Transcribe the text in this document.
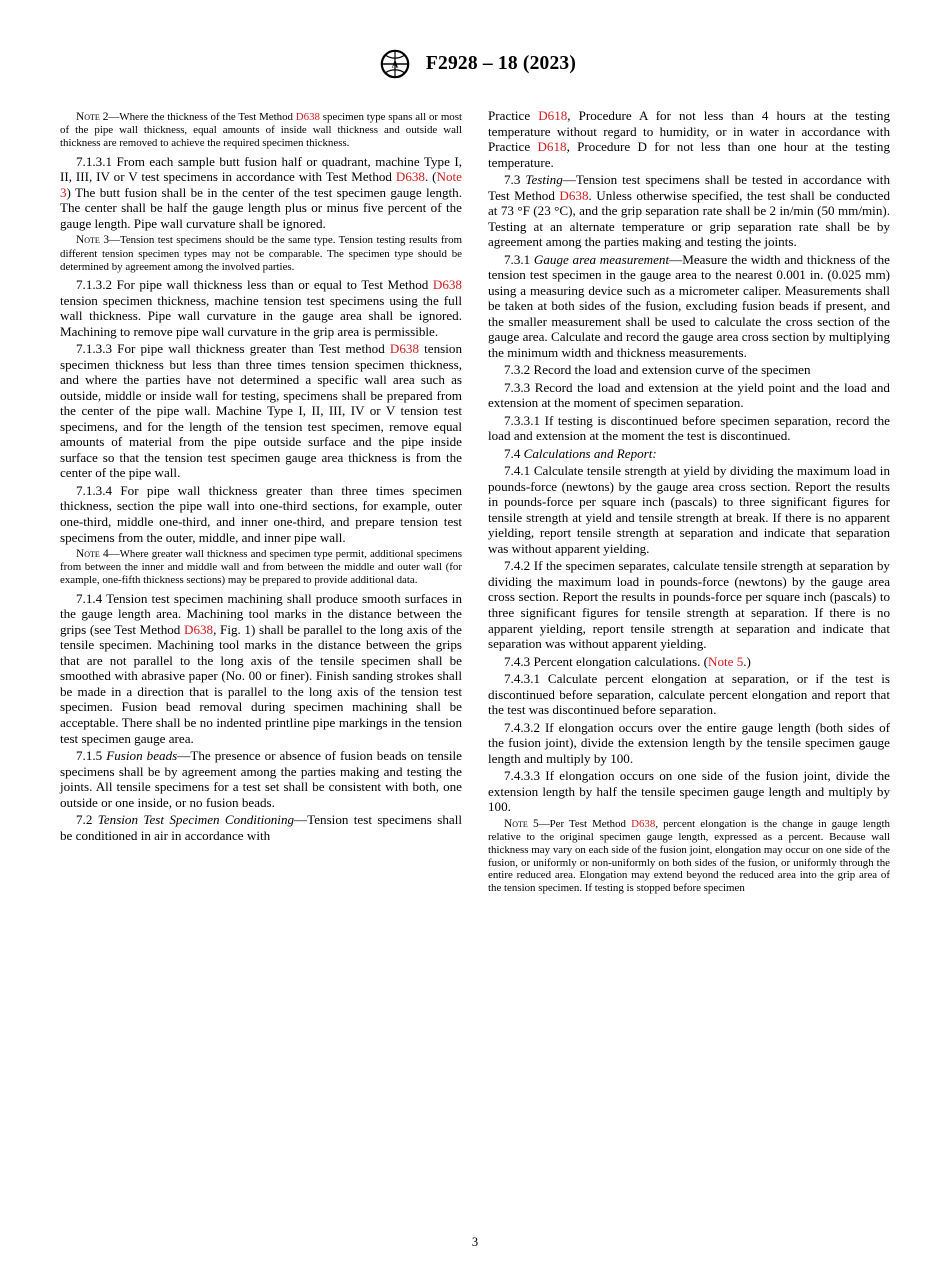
A F2928 – 18 (2023)

Note 2—Where the thickness of the Test Method D638 specimen type spans all or most of the pipe wall thickness, equal amounts of inside wall thickness and outside wall thickness are removed to achieve the required specimen thickness.

7.1.3.1 From each sample butt fusion half or quadrant, machine Type I, II, III, IV or V test specimens in accordance with Test Method D638. (Note 3) The butt fusion shall be in the center of the test specimen gauge length. The center shall be half the gauge length plus or minus five percent of the gauge length. Pipe wall curvature shall be ignored.

Note 3—Tension test specimens should be the same type. Tension testing results from different tension specimen types may not be comparable. The specimen type should be determined by agreement among the involved parties.

7.1.3.2 For pipe wall thickness less than or equal to Test Method D638 tension specimen thickness, machine tension test specimens using the full wall thickness. Pipe wall curvature in the gauge area shall be ignored. Machining to remove pipe wall curvature in the grip area is permissible.

7.1.3.3 For pipe wall thickness greater than Test method D638 tension specimen thickness but less than three times tension specimen thickness, and where the parties have not determined a specific wall area such as outside, middle or inside wall for testing, specimens shall be prepared from the center of the pipe wall. Machine Type I, II, III, IV or V tension test specimens, and for the length of the tension test specimen, remove equal amounts of material from the pipe outside surface and the pipe inside surface so that the tension test specimen gauge area thickness is from the center of the pipe wall.

7.1.3.4 For pipe wall thickness greater than three times specimen thickness, section the pipe wall into one-third sections, for example, outer one-third, middle one-third, and inner one-third, and prepare tension test specimens from the outer, middle, and inner pipe wall.

Note 4—Where greater wall thickness and specimen type permit, additional specimens from between the inner and middle wall and from between the middle and outer wall (for example, one-fifth thickness sections) may be prepared to provide additional data.

7.1.4 Tension test specimen machining shall produce smooth surfaces in the gauge length area. Machining tool marks in the distance between the grips (see Test Method D638, Fig. 1) shall be parallel to the long axis of the tensile specimen. Machining tool marks in the distance between the grips that are not parallel to the long axis of the tensile specimen shall be smoothed with abrasive paper (No. 00 or finer). Finish sanding strokes shall be made in a direction that is parallel to the long axis of the tension test specimen. Fusion bead removal during specimen machining shall be acceptable. There shall be no indented printline pipe markings in the tension test specimen gauge area.

7.1.5 Fusion beads—The presence or absence of fusion beads on tensile specimens shall be by agreement among the parties making and testing the joints. All tensile specimens for a test set shall be consistent with both, one outside or one inside, or no fusion beads.

7.2 Tension Test Specimen Conditioning—Tension test specimens shall be conditioned in air in accordance with

Practice D618, Procedure A for not less than 4 hours at the testing temperature without regard to humidity, or in water in accordance with Practice D618, Procedure D for not less than one hour at the testing temperature.

7.3 Testing—Tension test specimens shall be tested in accordance with Test Method D638. Unless otherwise specified, the test shall be conducted at 73 °F (23 °C), and the grip separation rate shall be 2 in/min (50 mm/min). Testing at an alternate temperature or grip separation rate shall be by agreement among the parties making and testing the joints.

7.3.1 Gauge area measurement—Measure the width and thickness of the tension test specimen in the gauge area to the nearest 0.001 in. (0.025 mm) using a measuring device such as a micrometer caliper. Measurements shall be taken at both sides of the fusion, excluding fusion beads if present, and the smaller measurement shall be used to calculate the cross section of the gauge area. Calculate and record the gauge area cross section by multiplying the minimum width and thickness measurements.

7.3.2 Record the load and extension curve of the specimen

7.3.3 Record the load and extension at the yield point and the load and extension at the moment of specimen separation.

7.3.3.1 If testing is discontinued before specimen separation, record the load and extension at the moment the test is discontinued.

7.4 Calculations and Report:

7.4.1 Calculate tensile strength at yield by dividing the maximum load in pounds-force (newtons) by the gauge area cross section. Report the results in pounds-force per square inch (pascals) to three significant figures for tensile strength at yield and tensile strength at break. If there is no apparent yielding, report tensile strength at separation and indicate that separation was without apparent yielding.

7.4.2 If the specimen separates, calculate tensile strength at separation by dividing the maximum load in pounds-force (newtons) by the gauge area cross section. Report the results in pounds-force per square inch (pascals) to three significant figures for tensile strength at separation. If there is no apparent yielding, report tensile strength at separation and indicate that separation was without apparent yielding.

7.4.3 Percent elongation calculations. (Note 5.)

7.4.3.1 Calculate percent elongation at separation, or if the test is discontinued before separation, calculate percent elongation and report that the test was discontinued before separation.

7.4.3.2 If elongation occurs over the entire gauge length (both sides of the fusion joint), divide the extension length by the tensile specimen gauge length and multiply by 100.

7.4.3.3 If elongation occurs on one side of the fusion joint, divide the extension length by half the tensile specimen gauge length and multiply by 100.

Note 5—Per Test Method D638, percent elongation is the change in gauge length relative to the original specimen gauge length, expressed as a percent. Because wall thickness may vary on each side of the fusion joint, elongation may occur on one side of the fusion, or uniformly or non-uniformly on both sides of the fusion, or uniformly through the entire reduced area. Elongation may extend beyond the reduced area into the grip area of the tension specimen. If testing is stopped before specimen

3
